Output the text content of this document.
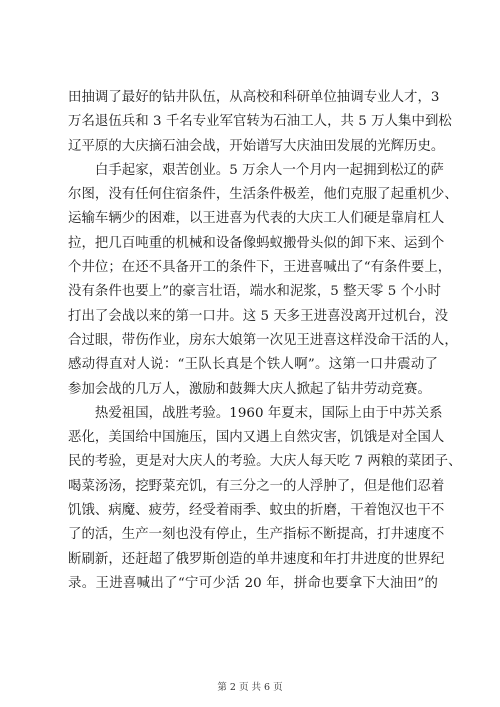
田抽调了最好的钻井队伍，从高校和科研单位抽调专业人才，3
万名退伍兵和 3 千名专业军官转为石油工人，共 5 万人集中到松
辽平原的大庆摘石油会战，开始谱写大庆油田发展的光辉历史。
　　白手起家，艰苦创业。5 万余人一个月内一起拥到松辽的萨
尔图，没有任何住宿条件，生活条件极差，他们克服了起重机少、
运输车辆少的困难，以王进喜为代表的大庆工人们硬是靠肩杠人
拉，把几百吨重的机械和设备像蚂蚁搬骨头似的卸下来、运到个
个井位；在还不具备开工的条件下，王进喜喊出了“有条件要上，
没有条件也要上”的豪言壮语，端水和泥浆，5 整天零 5 个小时
打出了会战以来的第一口井。这 5 天多王进喜没离开过机台，没
合过眼，带伤作业，房东大娘第一次见王进喜这样没命干活的人，
感动得直对人说：“王队长真是个铁人啊”。这第一口井震动了
参加会战的几万人，激励和鼓舞大庆人掀起了钻井劳动竞赛。
　　热爱祖国，战胜考验。1960 年夏末，国际上由于中苏关系
恶化，美国给中国施压，国内又遇上自然灾害，饥饿是对全国人
民的考验，更是对大庆人的考验。大庆人每天吃 7 两粮的菜团子、
喝菜汤汤，挖野菜充饥，有三分之一的人浮肿了，但是他们忍着
饥饿、病魔、疲劳，经受着雨季、蚊虫的折磨，干着饱汉也干不
了的活，生产一刻也没有停止，生产指标不断提高，打井速度不
断刷新，还赶超了俄罗斯创造的单井速度和年打井进度的世界纪
录。王进喜喊出了“宁可少活 20 年，拼命也要拿下大油田”的
第 2 页 共 6 页
